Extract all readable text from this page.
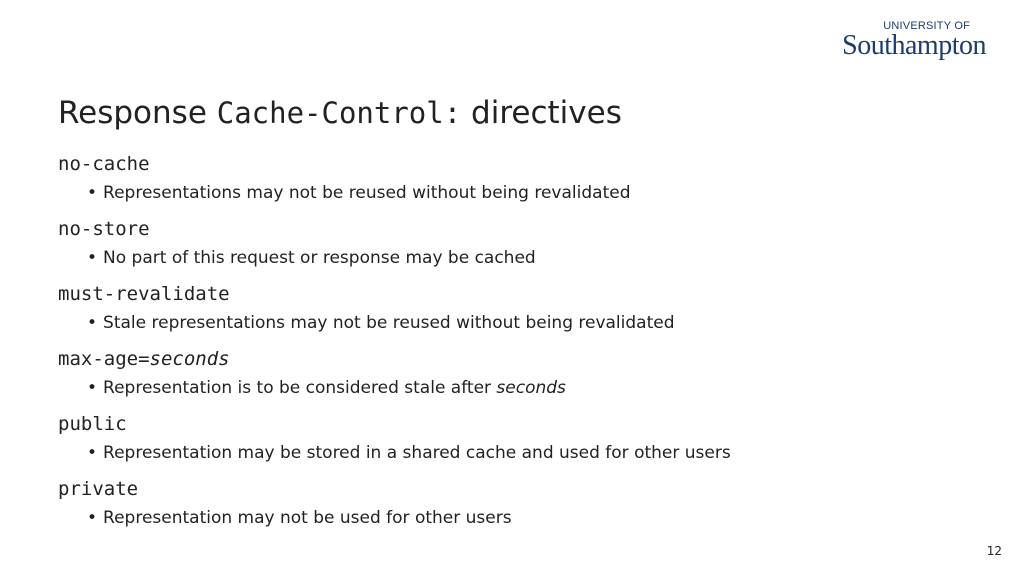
UNIVERSITY OF
Southampton
Response Cache-Control: directives
no-cache
• Representations may not be reused without being revalidated
no-store
• No part of this request or response may be cached
must-revalidate
• Stale representations may not be reused without being revalidated
max-age=seconds
• Representation is to be considered stale after seconds
public
• Representation may be stored in a shared cache and used for other users
private
• Representation may not be used for other users
12
